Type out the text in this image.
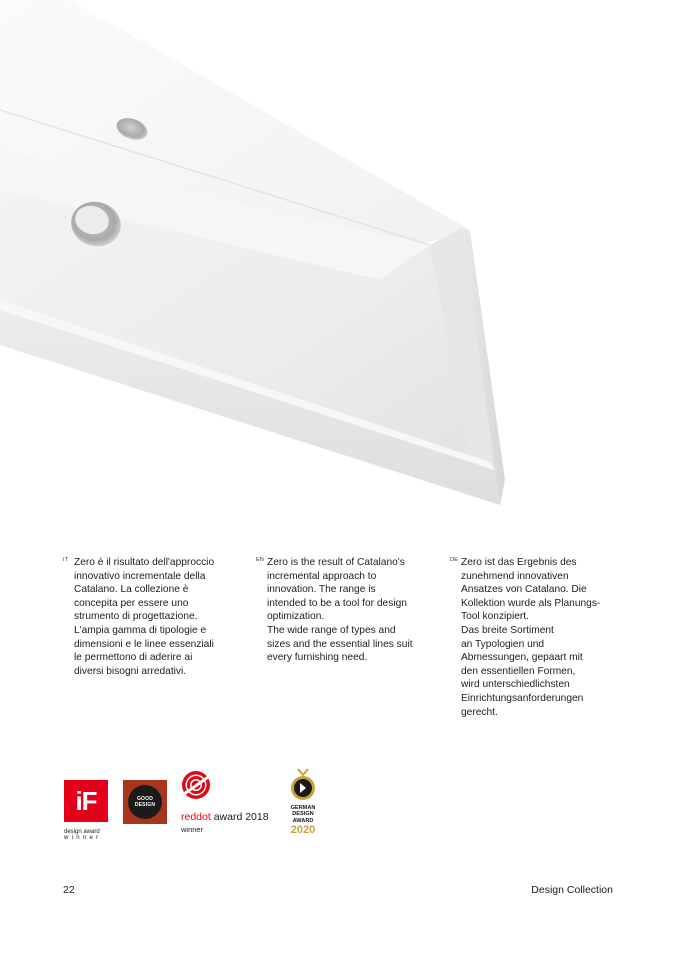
IT Zero è il risultato dell'approccio
innovativo incrementale della
Catalano. La collezione è
concepita per essere uno
strumento di progettazione.
L'ampia gamma di tipologie e
dimensioni e le linee essenziali
le permettono di aderire ai
diversi bisogni arredativi.
EN Zero is the result of Catalano's
incremental approach to
innovation. The range is
intended to be a tool for design
optimization.
The wide range of types and
sizes and the essential lines suit
every furnishing need.
DE Zero ist das Ergebnis des
zunehmend innovativen
Ansatzes von Catalano. Die
Kollektion wurde als Planungs-
Tool konzipiert.
Das breite Sortiment
an Typologien und
Abmessungen, gepaart mit
den essentiellen Formen,
wird unterschiedlichsten
Einrichtungsanforderungen
gerecht.
iF
design award
winner
GOOD
DESIGN
reddot award 2018
winner
GERMAN
DESIGN
AWARD
2020
22	Design Collection
